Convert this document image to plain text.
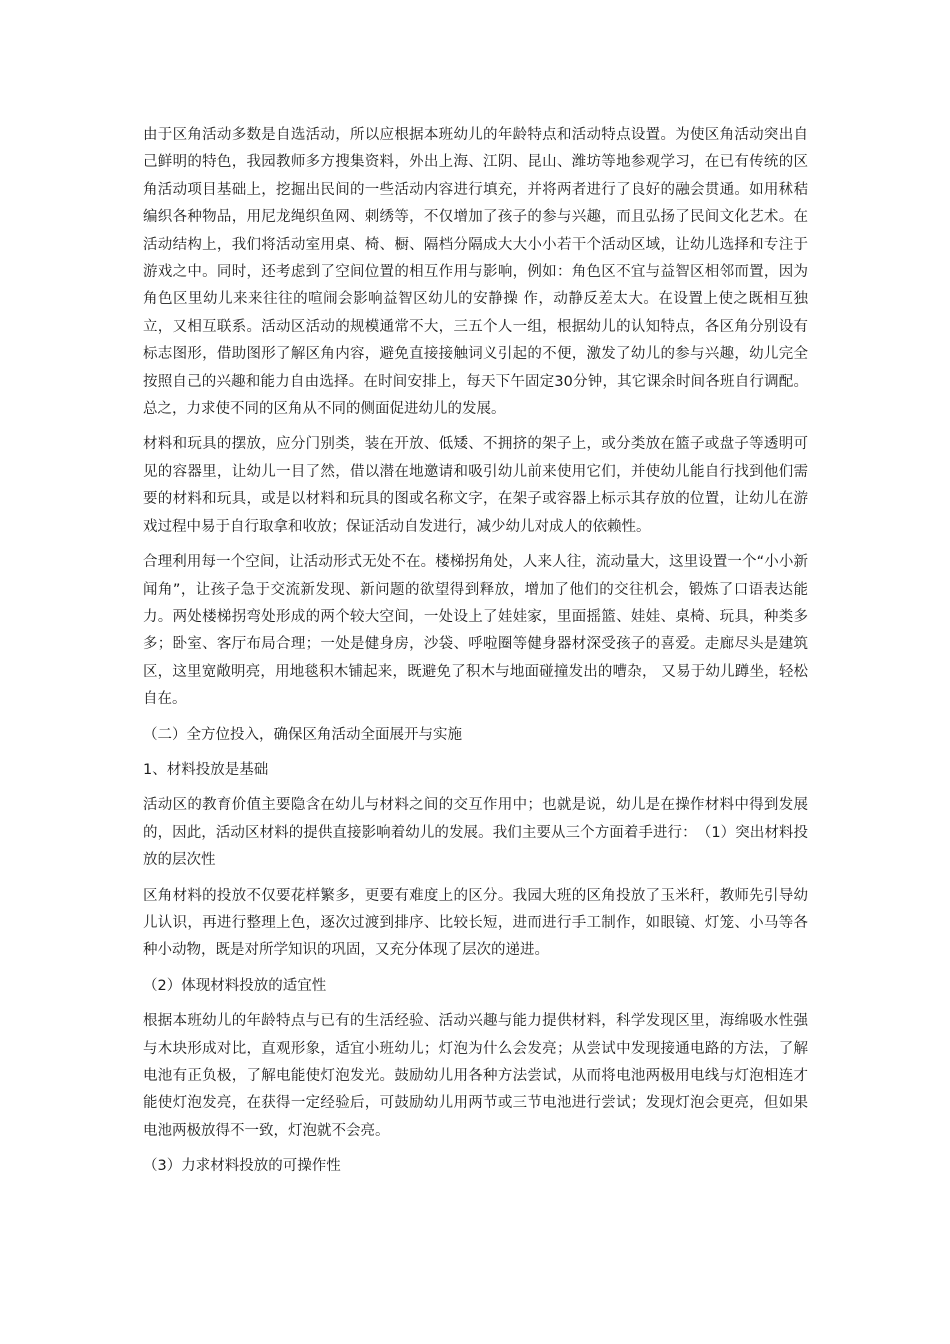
由于区角活动多数是自选活动，所以应根据本班幼儿的年龄特点和活动特点设置。为使区角活动突出自己鲜明的特色，我园教师多方搜集资料，外出上海、江阴、昆山、潍坊等地参观学习，在已有传统的区角活动项目基础上，挖掘出民间的一些活动内容进行填充，并将两者进行了良好的融会贯通。如用秫秸编织各种物品，用尼龙绳织鱼网、刺绣等，不仅增加了孩子的参与兴趣，而且弘扬了民间文化艺术。在活动结构上，我们将活动室用桌、椅、橱、隔档分隔成大大小小若干个活动区域，让幼儿选择和专注于游戏之中。同时，还考虑到了空间位置的相互作用与影响，例如：角色区不宜与益智区相邻而置，因为角色区里幼儿来来往往的喧闹会影响益智区幼儿的安静操 作，动静反差太大。在设置上使之既相互独立，又相互联系。活动区活动的规模通常不大，三五个人一组，根据幼儿的认知特点，各区角分别设有标志图形，借助图形了解区角内容，避免直接接触词义引起的不便，激发了幼儿的参与兴趣，幼儿完全按照自己的兴趣和能力自由选择。在时间安排上，每天下午固定30分钟，其它课余时间各班自行调配。总之，力求使不同的区角从不同的侧面促进幼儿的发展。

材料和玩具的摆放，应分门别类，装在开放、低矮、不拥挤的架子上，或分类放在篮子或盘子等透明可见的容器里，让幼儿一目了然，借以潜在地邀请和吸引幼儿前来使用它们，并使幼儿能自行找到他们需要的材料和玩具，或是以材料和玩具的图或名称文字，在架子或容器上标示其存放的位置，让幼儿在游戏过程中易于自行取拿和收放；保证活动自发进行，减少幼儿对成人的依赖性。

合理利用每一个空间，让活动形式无处不在。楼梯拐角处，人来人往，流动量大，这里设置一个“小小新闻角”，让孩子急于交流新发现、新问题的欲望得到释放，增加了他们的交往机会，锻炼了口语表达能力。两处楼梯拐弯处形成的两个较大空间，一处设上了娃娃家，里面摇篮、娃娃、桌椅、玩具，种类多多；卧室、客厅布局合理；一处是健身房，沙袋、呼啦圈等健身器材深受孩子的喜爱。走廊尽头是建筑区，这里宽敞明亮，用地毯积木铺起来，既避免了积木与地面碰撞发出的嘈杂， 又易于幼儿蹲坐，轻松自在。

（二）全方位投入，确保区角活动全面展开与实施

1、材料投放是基础

活动区的教育价值主要隐含在幼儿与材料之间的交互作用中；也就是说，幼儿是在操作材料中得到发展的，因此，活动区材料的提供直接影响着幼儿的发展。我们主要从三个方面着手进行：　（1）突出材料投放的层次性

区角材料的投放不仅要花样繁多，更要有难度上的区分。我园大班的区角投放了玉米秆，教师先引导幼儿认识，再进行整理上色，逐次过渡到排序、比较长短，进而进行手工制作，如眼镜、灯笼、小马等各种小动物，既是对所学知识的巩固，又充分体现了层次的递进。

（2）体现材料投放的适宜性

根据本班幼儿的年龄特点与已有的生活经验、活动兴趣与能力提供材料，科学发现区里，海绵吸水性强与木块形成对比，直观形象，适宜小班幼儿；灯泡为什么会发亮；从尝试中发现接通电路的方法，了解电池有正负极，了解电能使灯泡发光。鼓励幼儿用各种方法尝试，从而将电池两极用电线与灯泡相连才能使灯泡发亮，在获得一定经验后，可鼓励幼儿用两节或三节电池进行尝试；发现灯泡会更亮，但如果电池两极放得不一致，灯泡就不会亮。

（3）力求材料投放的可操作性
